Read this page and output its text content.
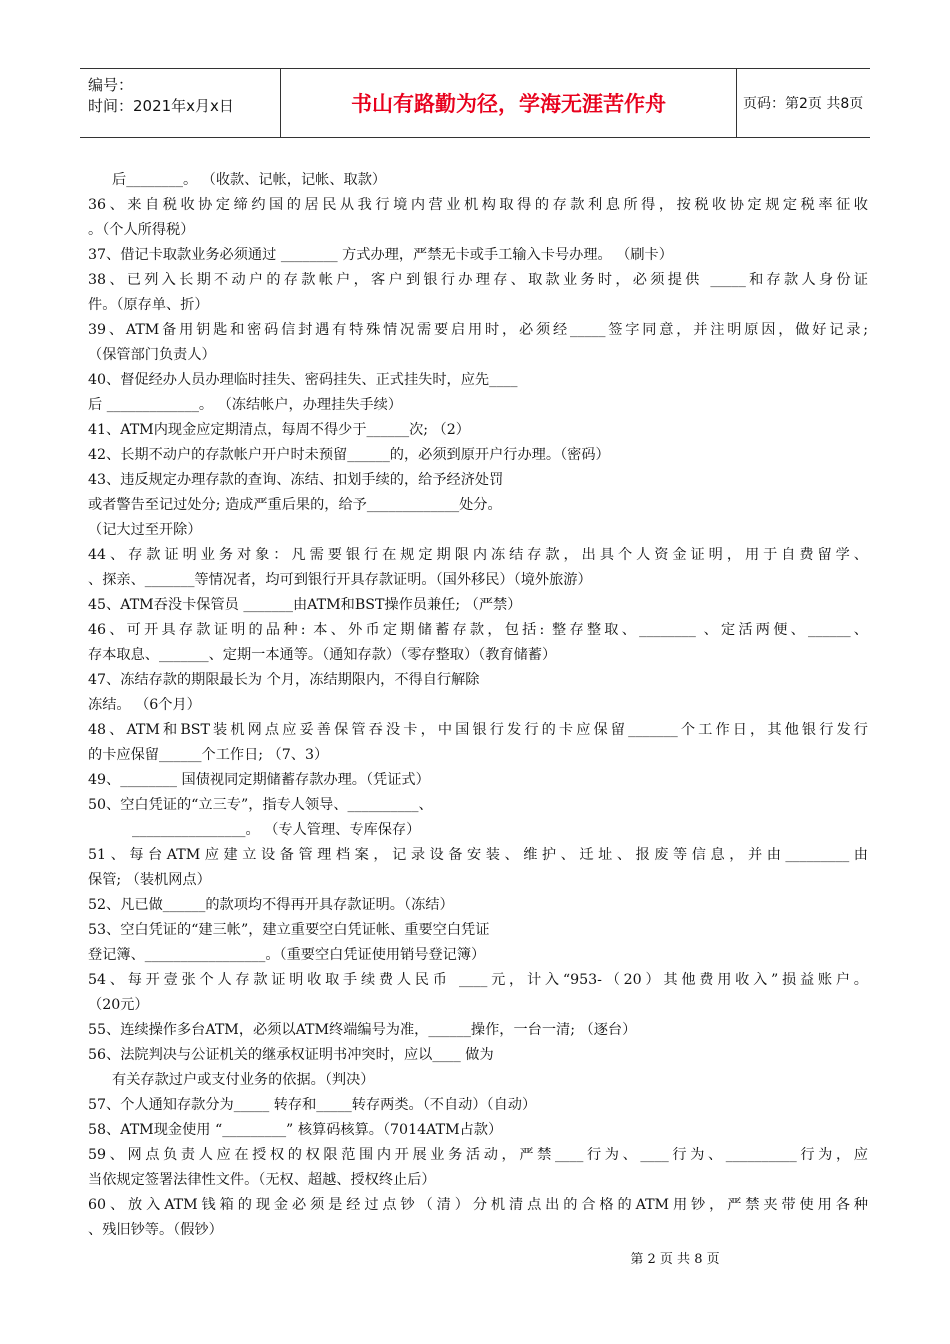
编号：
时间：2021年x月x日	书山有路勤为径，学海无涯苦作舟	页码：第2页 共8页
后________。 （收款、记帐，记帐、取款）
36、来自税收协定缔约国的居民从我行境内营业机构取得的存款利息所得，按税收协定规定税率征收
。（个人所得税）
37、借记卡取款业务必须通过 ________ 方式办理，严禁无卡或手工输入卡号办理。 （刷卡）
38、已列入长期不动户的存款帐户，客户到银行办理存、取款业务时，必须提供 _____和存款人身份证
件。（原存单、折）
39、ATM备用钥匙和密码信封遇有特殊情况需要启用时，必须经_____签字同意，并注明原因，做好记录;
（保管部门负责人）
40、督促经办人员办理临时挂失、密码挂失、正式挂失时，应先____
后 _____________。 （冻结帐户，办理挂失手续）
41、ATM内现金应定期清点，每周不得少于______次; （2）
42、长期不动户的存款帐户开户时未预留______的，必须到原开户行办理。（密码）
43、违反规定办理存款的查询、冻结、扣划手续的，给予经济处罚
或者警告至记过处分; 造成严重后果的，给予_____________处分。
（记大过至开除）
44、存款证明业务对象：凡需要银行在规定期限内冻结存款，出具个人资金证明，用于自费留学、
、探亲、_______等情况者，均可到银行开具存款证明。（国外移民）（境外旅游）
45、ATM吞没卡保管员 _______由ATM和BST操作员兼任; （严禁）
46、可开具存款证明的品种: 本、外币定期储蓄存款，包括: 整存整取、________ 、定活两便、______、
存本取息、_______、定期一本通等。（通知存款）（零存整取）（教育储蓄）
47、冻结存款的期限最长为 个月，冻结期限内，不得自行解除
冻结。 （6个月）
48、ATM和BST装机网点应妥善保管吞没卡，中国银行发行的卡应保留_______个工作日，其他银行发行
的卡应保留______个工作日; （7、3）
49、________ 国债视同定期储蓄存款办理。（凭证式）
50、空白凭证的“立三专”，指专人领导、__________、
________________。 （专人管理、专库保存）
51、每台ATM应建立设备管理档案，记录设备安装、维护、迁址、报废等信息，并由_________由
保管; （装机网点）
52、凡已做______的款项均不得再开具存款证明。（冻结）
53、空白凭证的“建三帐”，建立重要空白凭证帐、重要空白凭证
登记簿、_________________。（重要空白凭证使用销号登记簿）
54、每开壹张个人存款证明收取手续费人民币 ____元，计入“953-（20）其他费用收入”损益账户。
（20元）
55、连续操作多台ATM，必须以ATM终端编号为准，______操作，一台一清; （逐台）
56、法院判决与公证机关的继承权证明书冲突时，应以____ 做为
有关存款过户或支付业务的依据。（判决）
57、个人通知存款分为_____ 转存和_____转存两类。（不自动）（自动）
58、ATM现金使用 “_________” 核算码核算。（7014ATM占款）
59、网点负责人应在授权的权限范围内开展业务活动，严禁____行为、____行为、__________行为，应
当依规定签署法律性文件。（无权、超越、授权终止后）
60、放入ATM钱箱的现金必须是经过点钞（清）分机清点出的合格的ATM用钞，严禁夹带使用各种
、残旧钞等。（假钞）
第 2 页 共 8 页
